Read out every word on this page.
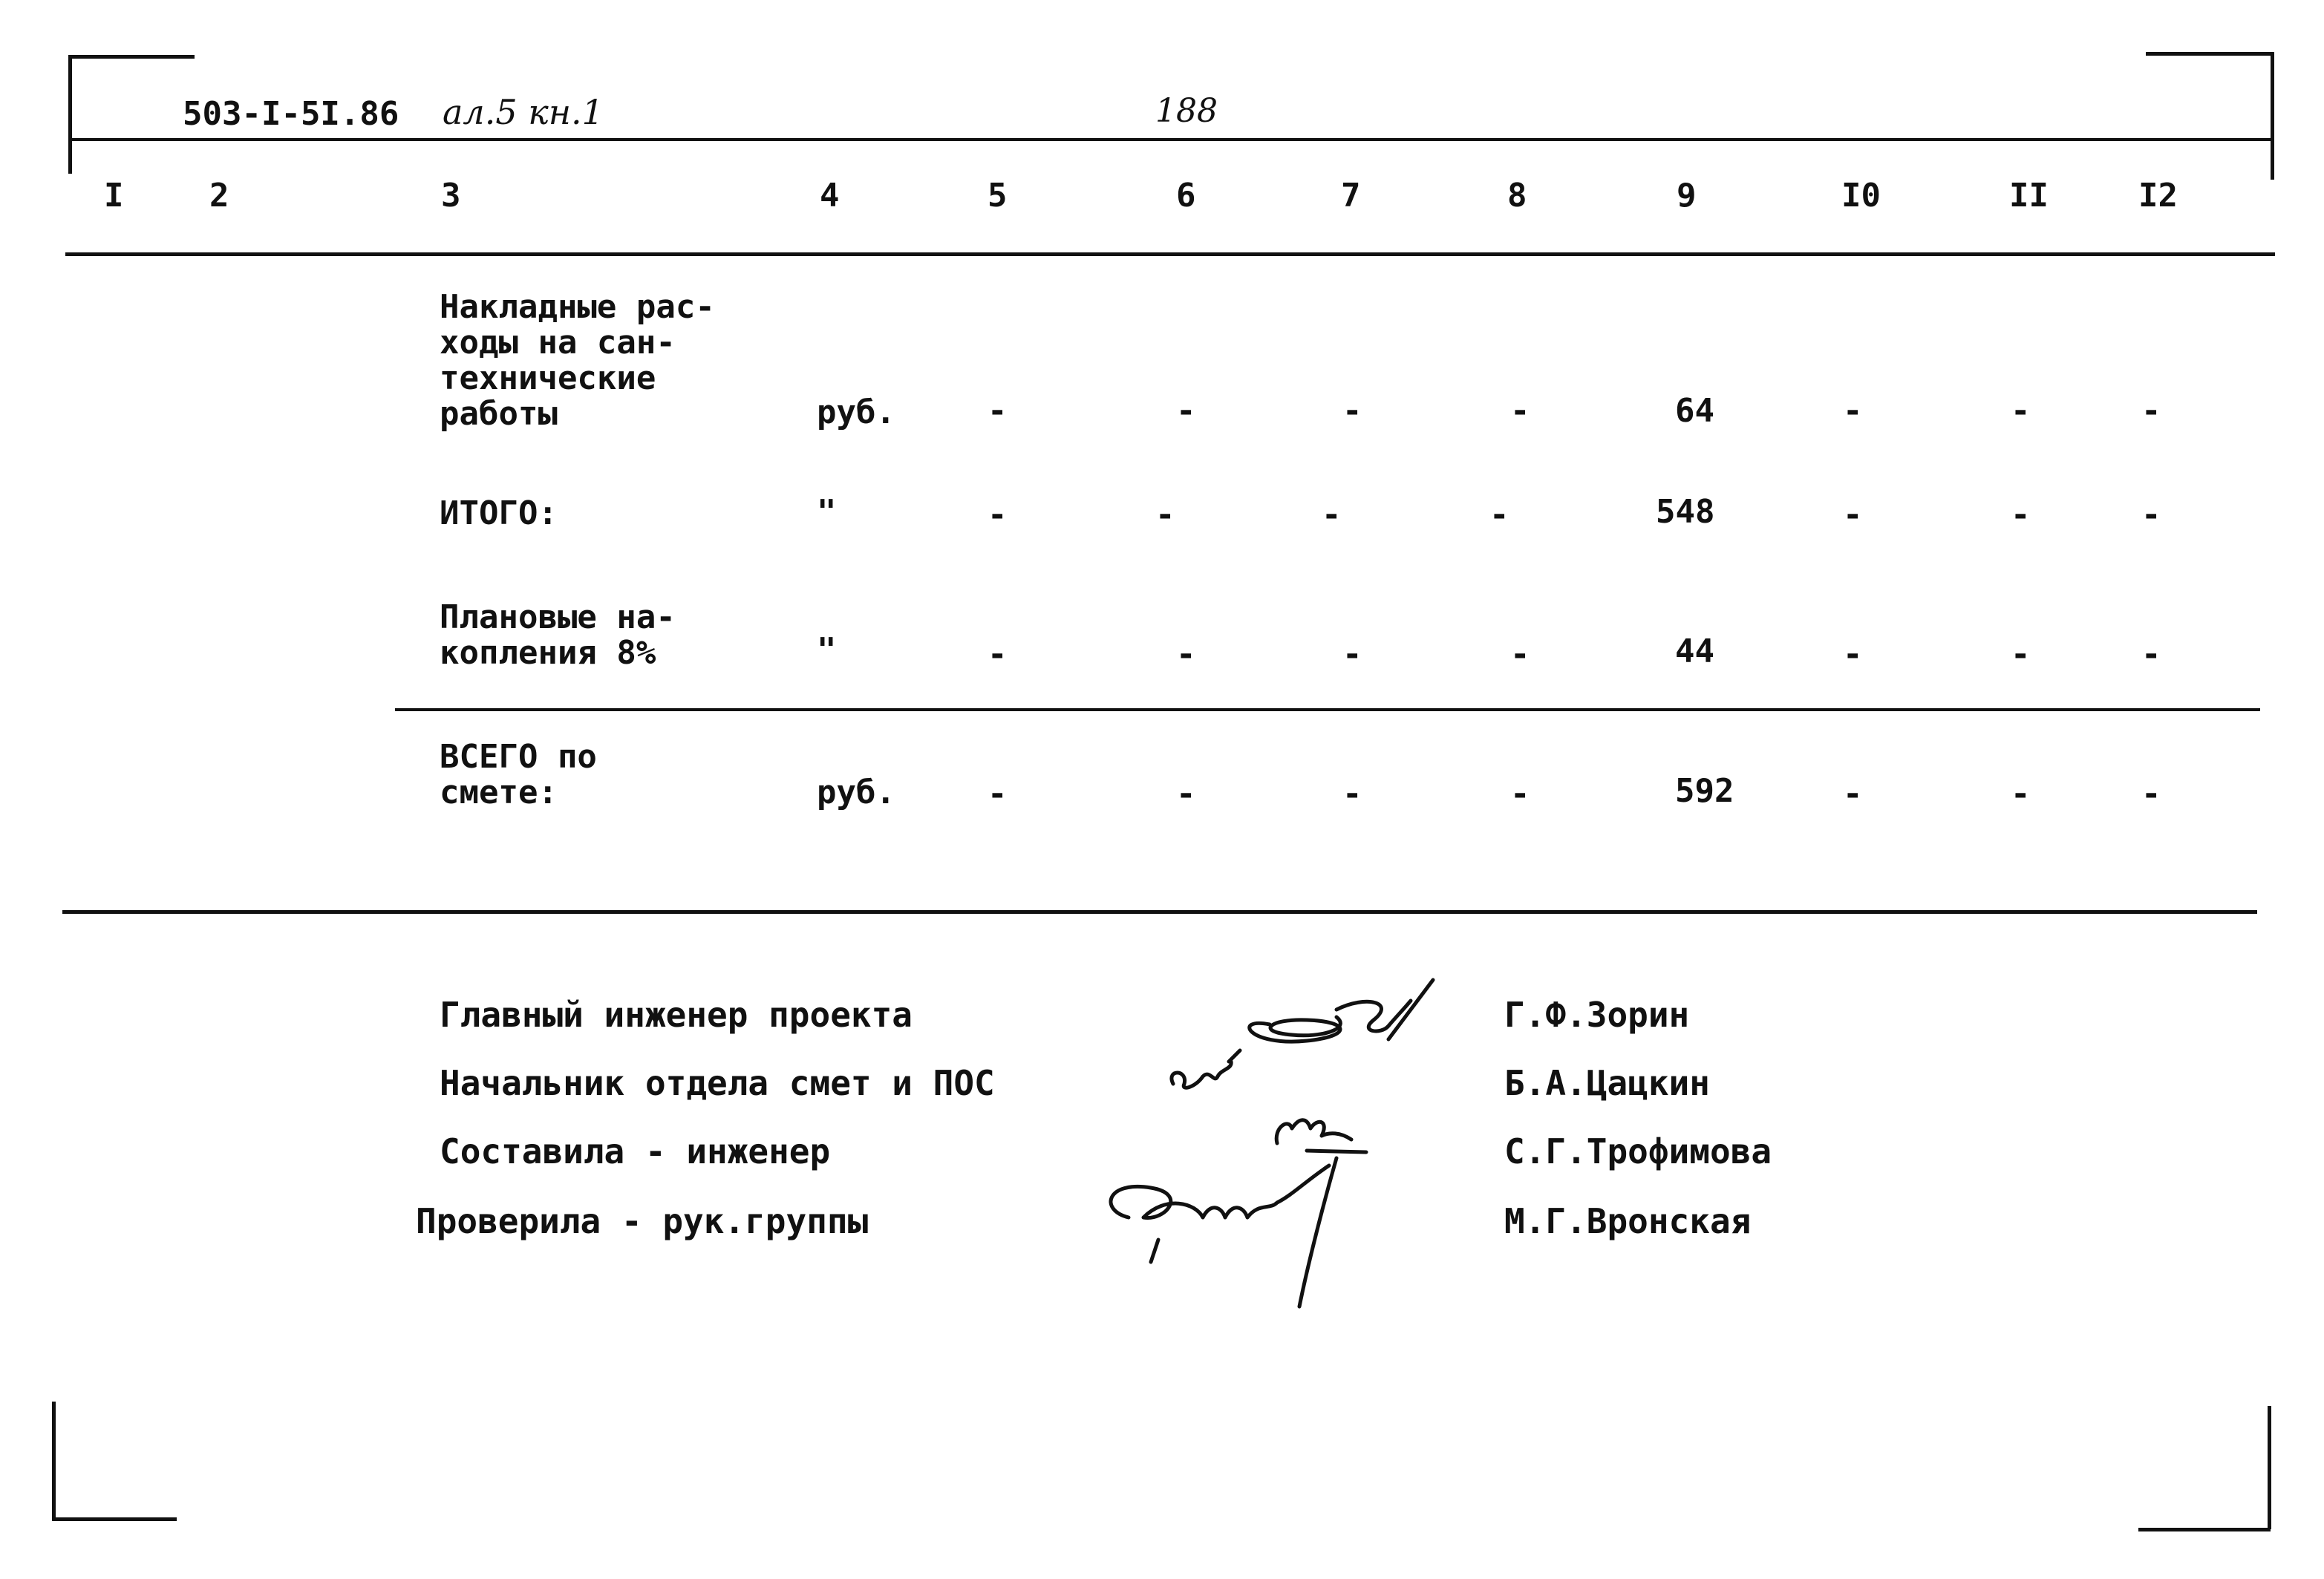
503-I-5I.86 ал.5 кн.1	188
I	2	3	4	5	6	7	8	9	I0	II	I2
Накладные рас-
ходы на сан-
технические
работы	руб.	-	-	-	-	64	-	-	-
ИТОГО:	"	-	-	-	-	548	-	-	-
Плановые на-
копления 8%	"	-	-	-	-	44	-	-	-
ВСЕГО по
смете:	руб.	-	-	-	-	592	-	-	-
Главный инженер проекта
Начальник отдела смет и ПОС
Составила - инженер
Проверила - рук.группы
Г.Ф.Зорин
Б.А.Цацкин
С.Г.Трофимова
М.Г.Вронская
